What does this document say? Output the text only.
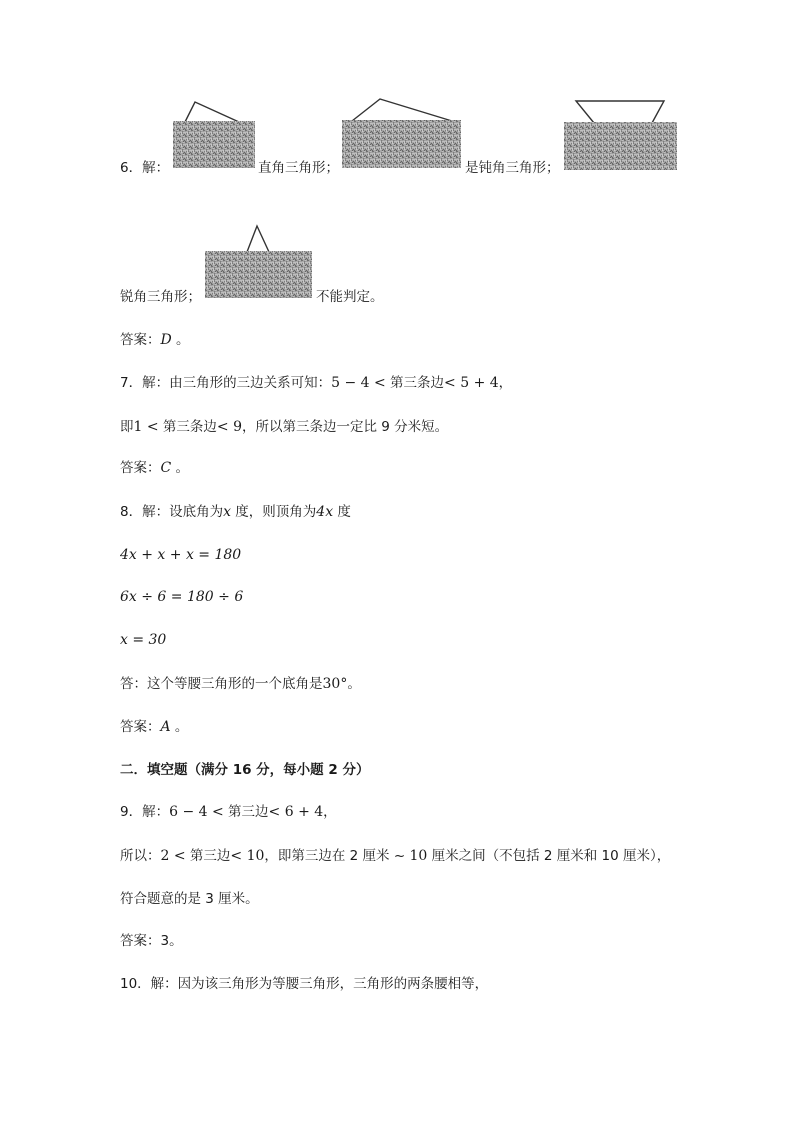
6．解：	直角三角形；	是钝角三角形；
锐角三角形；	不能判定。
答案：D 。
7．解：由三角形的三边关系可知：5 − 4 < 第三条边< 5 + 4，
即1 < 第三条边< 9，所以第三条边一定比 9 分米短。
答案：C 。
8．解：设底角为x 度，则顶角为4x 度
4x + x + x = 180
6x ÷ 6 = 180 ÷ 6
x = 30
答：这个等腰三角形的一个底角是30°。
答案：A 。
二．填空题（满分 16 分，每小题 2 分）
9．解：6 − 4 < 第三边< 6 + 4，
所以：2 < 第三边< 10，即第三边在 2 厘米 ~ 10 厘米之间（不包括 2 厘米和 10 厘米），
符合题意的是 3 厘米。
答案：3。
10．解：因为该三角形为等腰三角形，三角形的两条腰相等，
